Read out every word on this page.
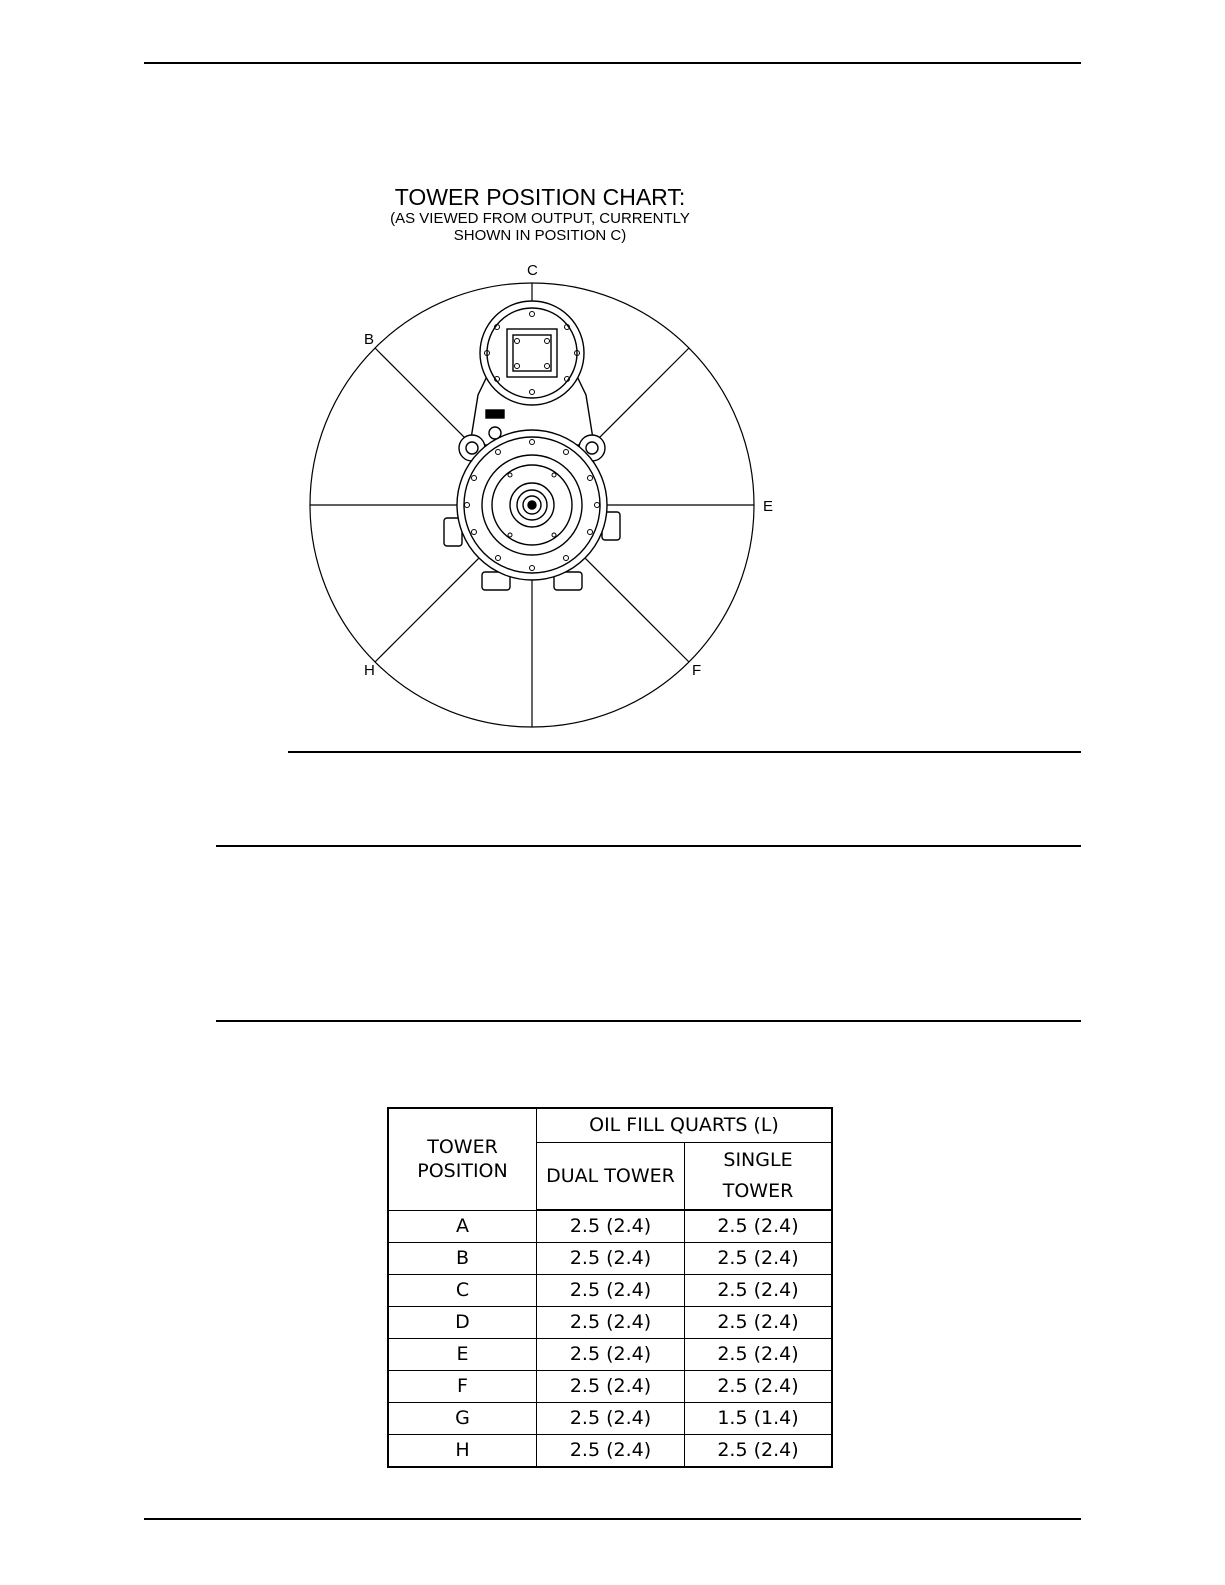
TOWER POSITION CHART:
(AS VIEWED FROM OUTPUT, CURRENTLY
SHOWN IN POSITION C)
C
B
E
H	F
TOWER
POSITION	OIL FILL QUARTS (L)	
	DUAL TOWER	SINGLE
TOWER

A	2.5 (2.4)	2.5 (2.4)
B	2.5 (2.4)	2.5 (2.4)
C	2.5 (2.4)	2.5 (2.4)
D	2.5 (2.4)	2.5 (2.4)
E	2.5 (2.4)	2.5 (2.4)
F	2.5 (2.4)	2.5 (2.4)
G	2.5 (2.4)	1.5 (1.4)
H	2.5 (2.4)	2.5 (2.4)
